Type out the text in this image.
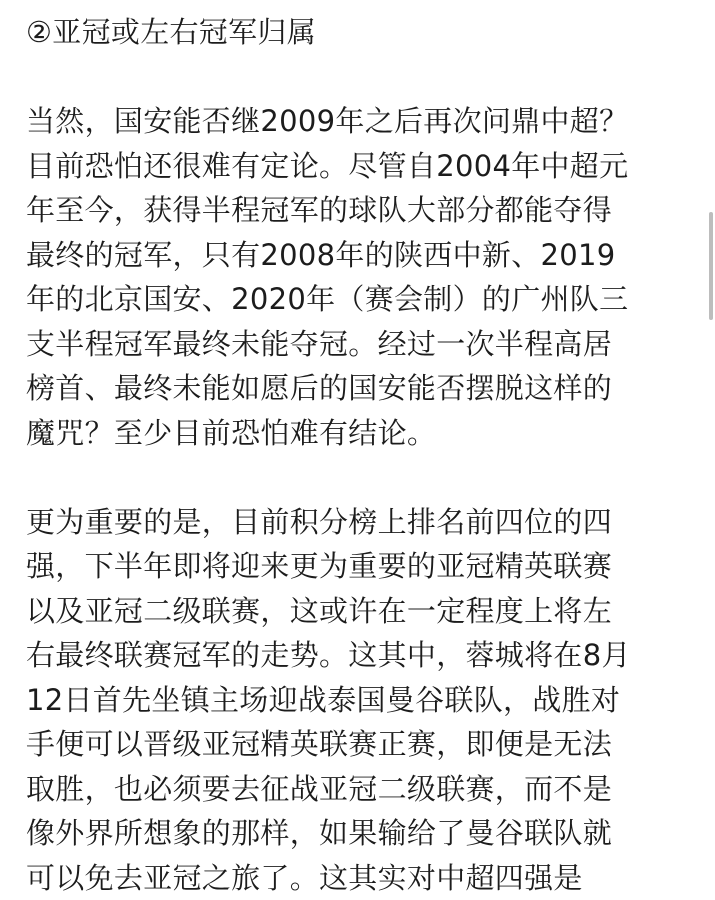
②亚冠或左右冠军归属
当然，国安能否继2009年之后再次问鼎中超？
目前恐怕还很难有定论。尽管自2004年中超元
年至今，获得半程冠军的球队大部分都能夺得
最终的冠军，只有2008年的陕西中新、2019
年的北京国安、2020年（赛会制）的广州队三
支半程冠军最终未能夺冠。经过一次半程高居
榜首、最终未能如愿后的国安能否摆脱这样的
魔咒？至少目前恐怕难有结论。
更为重要的是，目前积分榜上排名前四位的四
强，下半年即将迎来更为重要的亚冠精英联赛
以及亚冠二级联赛，这或许在一定程度上将左
右最终联赛冠军的走势。这其中，蓉城将在8月
12日首先坐镇主场迎战泰国曼谷联队，战胜对
手便可以晋级亚冠精英联赛正赛，即便是无法
取胜，也必须要去征战亚冠二级联赛，而不是
像外界所想象的那样，如果输给了曼谷联队就
可以免去亚冠之旅了。这其实对中超四强是
